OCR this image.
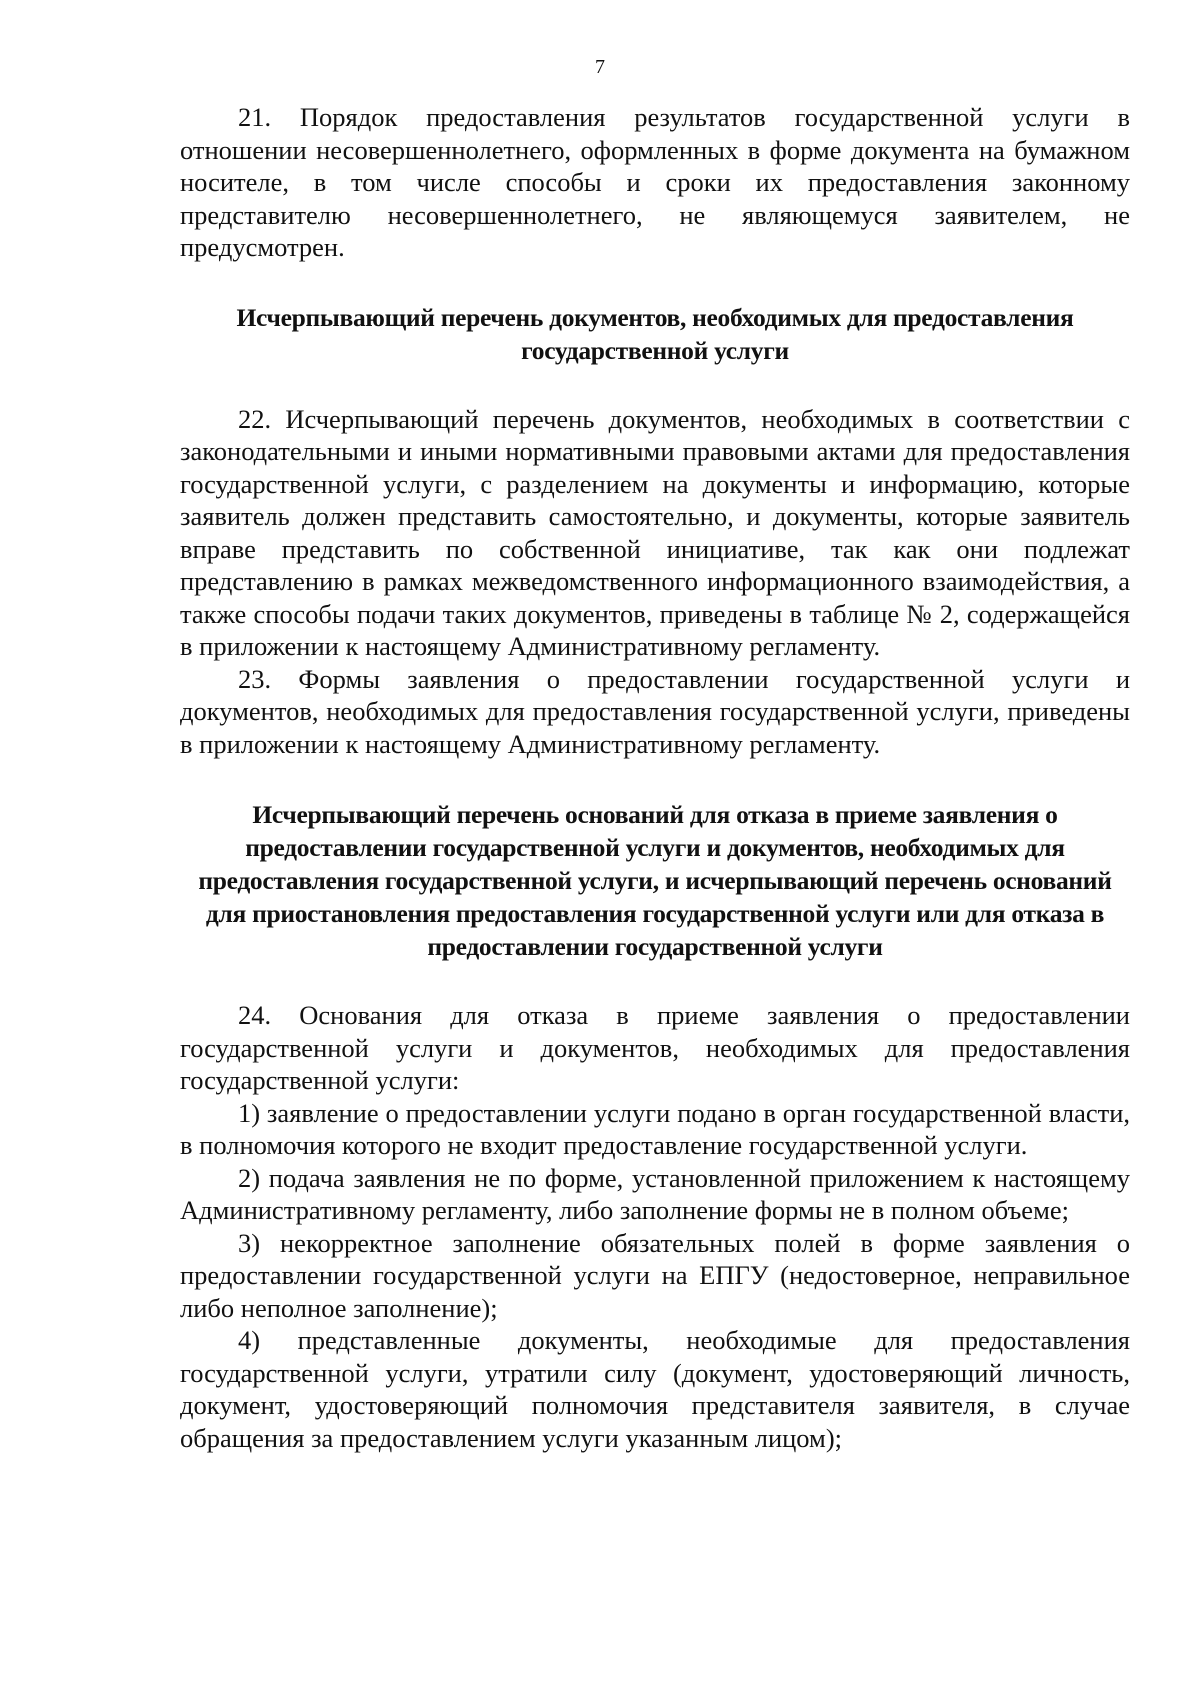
7

21. Порядок предоставления результатов государственной услуги в отношении несовершеннолетнего, оформленных в форме документа на бумажном носителе, в том числе способы и сроки их предоставления законному представителю несовершеннолетнего, не являющемуся заявителем, не предусмотрен.

Исчерпывающий перечень документов, необходимых для предоставления государственной услуги

22. Исчерпывающий перечень документов, необходимых в соответствии с законодательными и иными нормативными правовыми актами для предоставления государственной услуги, с разделением на документы и информацию, которые заявитель должен представить самостоятельно, и документы, которые заявитель вправе представить по собственной инициативе, так как они подлежат представлению в рамках межведомственного информационного взаимодействия, а также способы подачи таких документов, приведены в таблице № 2, содержащейся в приложении к настоящему Административному регламенту.

23. Формы заявления о предоставлении государственной услуги и документов, необходимых для предоставления государственной услуги, приведены в приложении к настоящему Административному регламенту.

Исчерпывающий перечень оснований для отказа в приеме заявления о предоставлении государственной услуги и документов, необходимых для предоставления государственной услуги, и исчерпывающий перечень оснований для приостановления предоставления государственной услуги или для отказа в предоставлении государственной услуги

24. Основания для отказа в приеме заявления о предоставлении государственной услуги и документов, необходимых для предоставления государственной услуги:

1) заявление о предоставлении услуги подано в орган государственной власти, в полномочия которого не входит предоставление государственной услуги.

2) подача заявления не по форме, установленной приложением к настоящему Административному регламенту, либо заполнение формы не в полном объеме;

3) некорректное заполнение обязательных полей в форме заявления о предоставлении государственной услуги на ЕПГУ (недостоверное, неправильное либо неполное заполнение);

4) представленные документы, необходимые для предоставления государственной услуги, утратили силу (документ, удостоверяющий личность, документ, удостоверяющий полномочия представителя заявителя, в случае обращения за предоставлением услуги указанным лицом);
